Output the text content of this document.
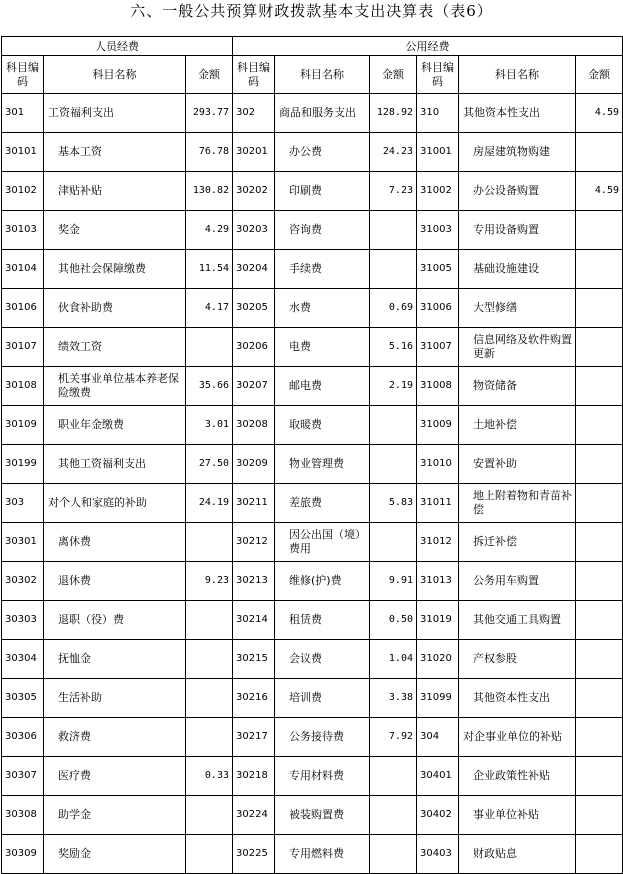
六、一般公共预算财政拨款基本支出决算表（表6）
人员经费			公用经费					
科目编码	科目名称	金额	科目编码	科目名称	金额	科目编码	科目名称	金额
301	工资福利支出	293.77	302	商品和服务支出	128.92	310	其他资本性支出	4.59
30101	基本工资	76.78	30201	办公费	24.23	31001	房屋建筑物购建	
30102	津贴补贴	130.82	30202	印刷费	7.23	31002	办公设备购置	4.59
30103	奖金	4.29	30203	咨询费		31003	专用设备购置	
30104	其他社会保障缴费	11.54	30204	手续费		31005	基础设施建设	
30106	伙食补助费	4.17	30205	水费	0.69	31006	大型修缮	
30107	绩效工资		30206	电费	5.16	31007	信息网络及软件购置更新	
30108	机关事业单位基本养老保险缴费	35.66	30207	邮电费	2.19	31008	物资储备	
30109	职业年金缴费	3.01	30208	取暖费		31009	土地补偿	
30199	其他工资福利支出	27.50	30209	物业管理费		31010	安置补助	
303	对个人和家庭的补助	24.19	30211	差旅费	5.83	31011	地上附着物和青苗补偿	
30301	离休费		30212	因公出国（境）费用		31012	拆迁补偿	
30302	退休费	9.23	30213	维修(护)费	9.91	31013	公务用车购置	
30303	退职（役）费		30214	租赁费	0.50	31019	其他交通工具购置	
30304	抚恤金		30215	会议费	1.04	31020	产权参股	
30305	生活补助		30216	培训费	3.38	31099	其他资本性支出	
30306	救济费		30217	公务接待费	7.92	304	对企事业单位的补贴	
30307	医疗费	0.33	30218	专用材料费		30401	企业政策性补贴	
30308	助学金		30224	被装购置费		30402	事业单位补贴	
30309	奖励金		30225	专用燃料费		30403	财政贴息	
